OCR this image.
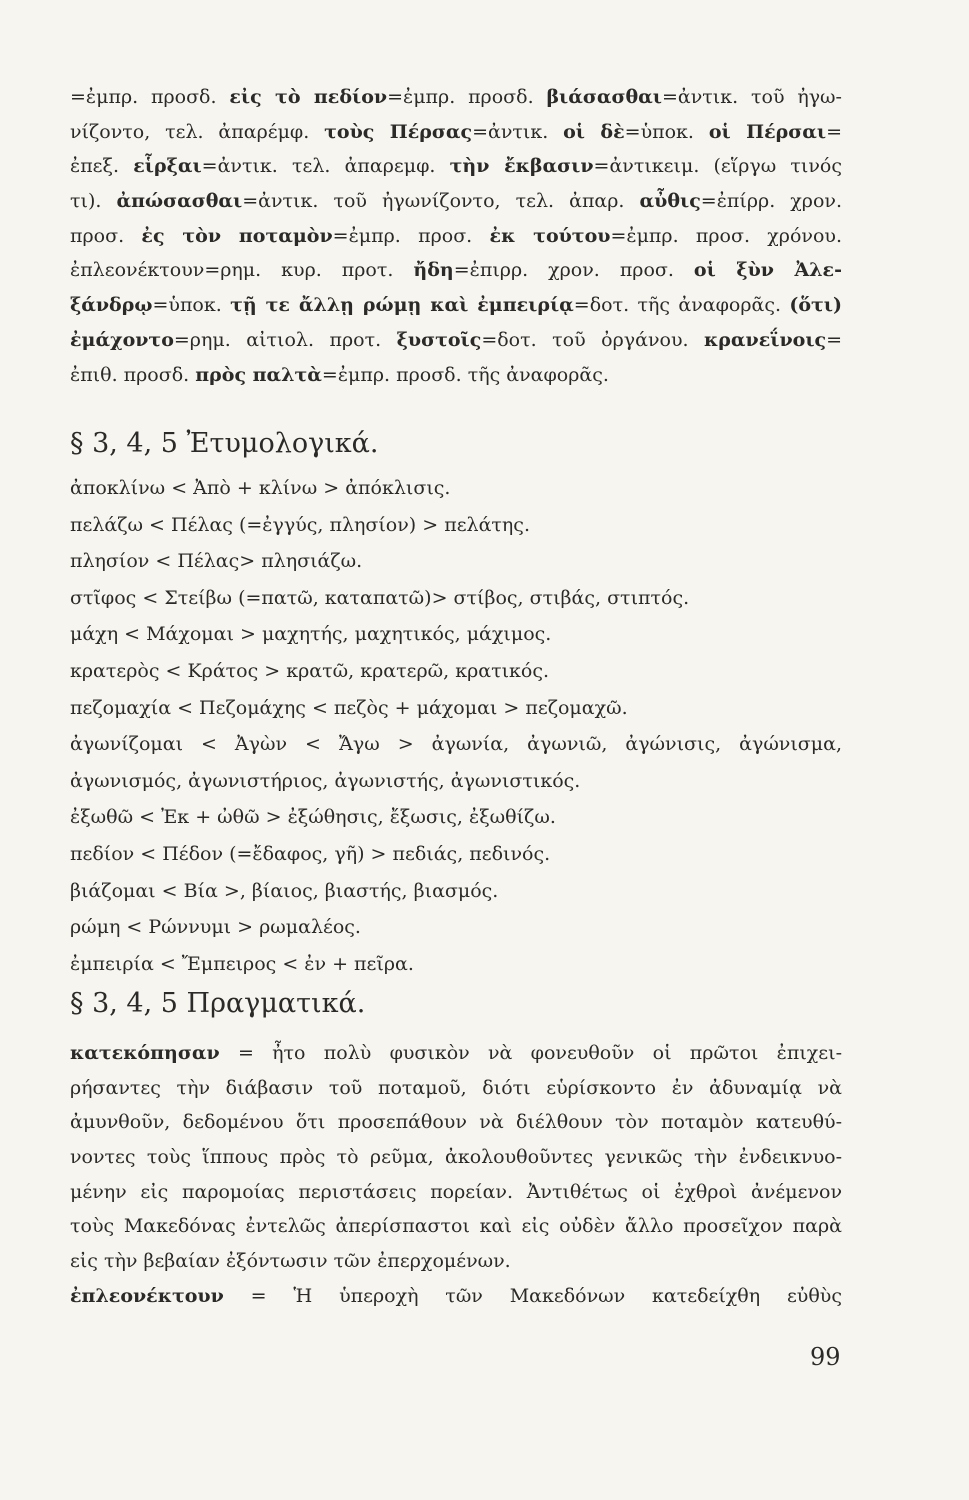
=ἐμπρ. προσδ. εἰς τὸ πεδίον=ἐμπρ. προσδ. βιάσασθαι=ἀντικ. τοῦ ἠγω-
νίζοντο, τελ. ἀπαρέμφ. τοὺς Πέρσας=ἀντικ. οἱ δὲ=ὑποκ. οἱ Πέρσαι=
ἐπεξ. εἷρξαι=ἀντικ. τελ. ἀπαρεμφ. τὴν ἔκβασιν=ἀντικειμ. (εἵργω τινός
τι). ἀπώσασθαι=ἀντικ. τοῦ ἠγωνίζοντο, τελ. ἀπαρ. αὖθις=ἐπίρρ. χρον.
προσ. ἐς τὸν ποταμὸν=ἐμπρ. προσ. ἐκ τούτου=ἐμπρ. προσ. χρόνου.
ἐπλεονέκτουν=ρημ. κυρ. προτ. ἤδη=ἐπιρρ. χρον. προσ. οἱ ξὺν Ἀλε-
ξάνδρῳ=ὑποκ. τῇ τε ἄλλῃ ρώμῃ καὶ ἐμπειρίᾳ=δοτ. τῆς ἀναφορᾶς. (ὅτι)
ἐμάχοντο=ρημ. αἰτιολ. προτ. ξυστοῖς=δοτ. τοῦ ὀργάνου. κρανεΐνοις=
ἐπιθ. προσδ. πρὸς παλτὰ=ἐμπρ. προσδ. τῆς ἀναφορᾶς.
§ 3, 4, 5 Ἐτυμολογικά.
ἀποκλίνω < Ἀπὸ + κλίνω > ἀπόκλισις.
πελάζω < Πέλας (=ἐγγύς, πλησίον) > πελάτης.
πλησίον < Πέλας> πλησιάζω.
στῖφος < Στείβω (=πατῶ, καταπατῶ)> στίβος, στιβάς, στιπτός.
μάχη < Μάχομαι > μαχητής, μαχητικός, μάχιμος.
κρατερὸς < Κράτος > κρατῶ, κρατερῶ, κρατικός.
πεζομαχία < Πεζομάχης < πεζὸς + μάχομαι > πεζομαχῶ.
ἀγωνίζομαι < Ἀγὼν < Ἄγω > ἀγωνία, ἀγωνιῶ, ἀγώνισις, ἀγώνισμα,
ἀγωνισμός, ἀγωνιστήριος, ἀγωνιστής, ἀγωνιστικός.
ἐξωθῶ < Ἐκ + ὠθῶ > ἐξώθησις, ἔξωσις, ἐξωθίζω.
πεδίον < Πέδον (=ἔδαφος, γῆ) > πεδιάς, πεδινός.
βιάζομαι < Βία >, βίαιος, βιαστής, βιασμός.
ρώμη < Ρώννυμι > ρωμαλέος.
ἐμπειρία < Ἔμπειρος < ἐν + πεῖρα.
§ 3, 4, 5 Πραγματικά.
κατεκόπησαν = ἦτο πολὺ φυσικὸν νὰ φονευθοῦν οἱ πρῶτοι ἐπιχει-
ρήσαντες τὴν διάβασιν τοῦ ποταμοῦ, διότι εὑρίσκοντο ἐν ἀδυναμίᾳ νὰ
ἀμυνθοῦν, δεδομένου ὅτι προσεπάθουν νὰ διέλθουν τὸν ποταμὸν κατευθύ-
νοντες τοὺς ἵππους πρὸς τὸ ρεῦμα, ἀκολουθοῦντες γενικῶς τὴν ἐνδεικνυο-
μένην εἰς παρομοίας περιστάσεις πορείαν. Ἀντιθέτως οἱ ἐχθροὶ ἀνέμενον
τοὺς Μακεδόνας ἐντελῶς ἀπερίσπαστοι καὶ εἰς οὐδὲν ἄλλο προσεῖχον παρὰ
εἰς τὴν βεβαίαν ἐξόντωσιν τῶν ἐπερχομένων.
ἐπλεονέκτουν = Ἡ ὑπεροχὴ τῶν Μακεδόνων κατεδείχθη εὐθὺς
99
